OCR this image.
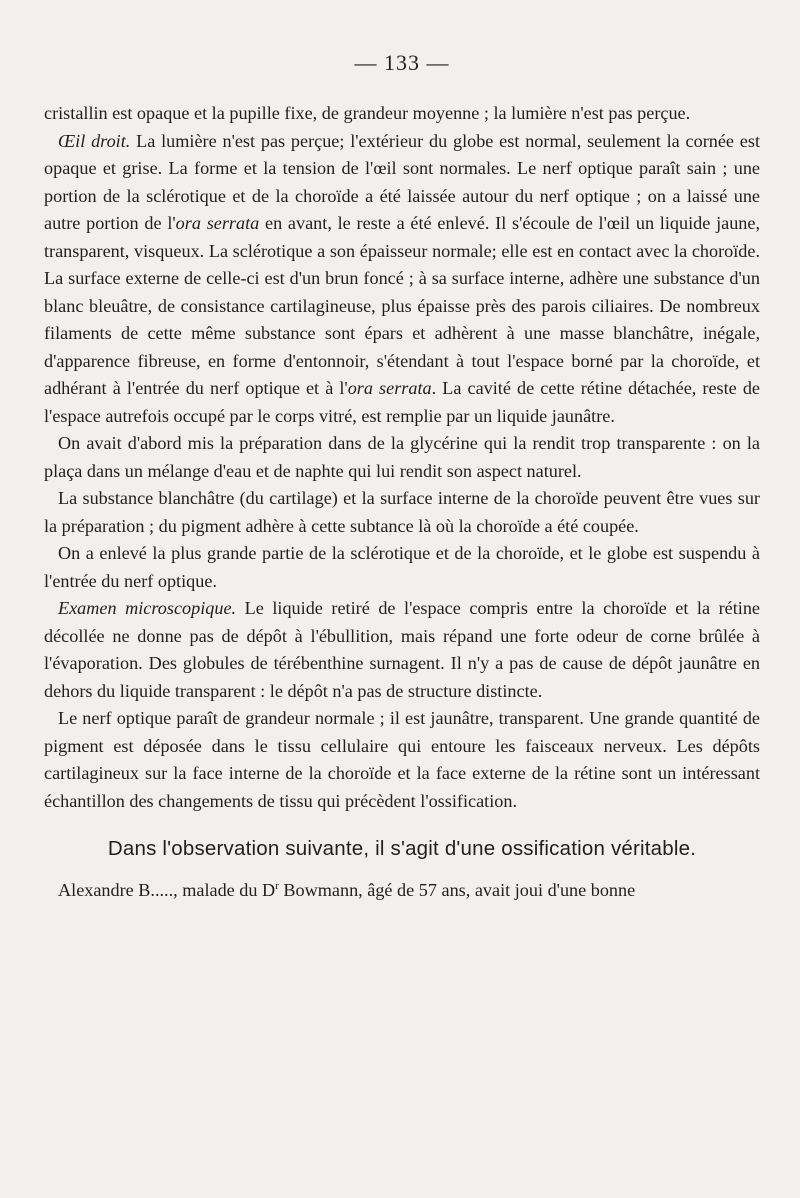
— 133 —

cristallin est opaque et la pupille fixe, de grandeur moyenne ; la lumière n'est pas perçue.

Œil droit. La lumière n'est pas perçue; l'extérieur du globe est normal, seulement la cornée est opaque et grise. La forme et la tension de l'œil sont normales. Le nerf optique paraît sain ; une portion de la sclérotique et de la choroïde a été laissée autour du nerf optique ; on a laissé une autre portion de l'ora serrata en avant, le reste a été enlevé. Il s'écoule de l'œil un liquide jaune, transparent, visqueux. La sclérotique a son épaisseur normale; elle est en contact avec la choroïde. La surface externe de celle-ci est d'un brun foncé ; à sa surface interne, adhère une substance d'un blanc bleuâtre, de consistance cartilagineuse, plus épaisse près des parois ciliaires. De nombreux filaments de cette même substance sont épars et adhèrent à une masse blanchâtre, inégale, d'apparence fibreuse, en forme d'entonnoir, s'étendant à tout l'espace borné par la choroïde, et adhérant à l'entrée du nerf optique et à l'ora serrata. La cavité de cette rétine détachée, reste de l'espace autrefois occupé par le corps vitré, est remplie par un liquide jaunâtre.

On avait d'abord mis la préparation dans de la glycérine qui la rendit trop transparente : on la plaça dans un mélange d'eau et de naphte qui lui rendit son aspect naturel.

La substance blanchâtre (du cartilage) et la surface interne de la choroïde peuvent être vues sur la préparation ; du pigment adhère à cette subtance là où la choroïde a été coupée.

On a enlevé la plus grande partie de la sclérotique et de la choroïde, et le globe est suspendu à l'entrée du nerf optique.

Examen microscopique. Le liquide retiré de l'espace compris entre la choroïde et la rétine décollée ne donne pas de dépôt à l'ébullition, mais répand une forte odeur de corne brûlée à l'évaporation. Des globules de térébenthine surnagent. Il n'y a pas de cause de dépôt jaunâtre en dehors du liquide transparent : le dépôt n'a pas de structure distincte.

Le nerf optique paraît de grandeur normale ; il est jaunâtre, transparent. Une grande quantité de pigment est déposée dans le tissu cellulaire qui entoure les faisceaux nerveux. Les dépôts cartilagineux sur la face interne de la choroïde et la face externe de la rétine sont un intéressant échantillon des changements de tissu qui précèdent l'ossification.

Dans l'observation suivante, il s'agit d'une ossification véritable.

Alexandre B....., malade du $D^r$ Bowmann, âgé de 57 ans, avait joui d'une bonne
